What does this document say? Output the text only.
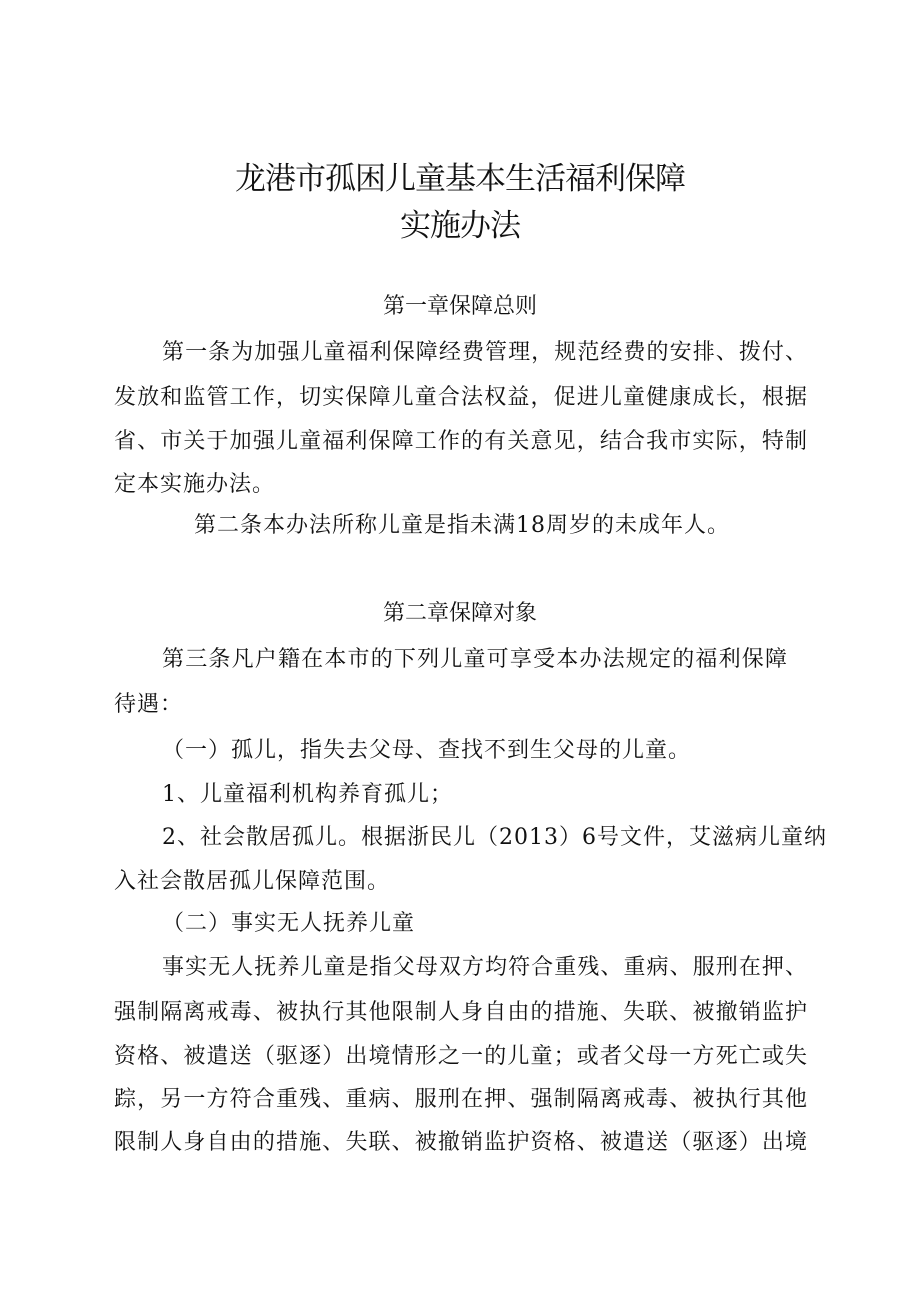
龙港市孤困儿童基本生活福利保障
实施办法
第一章保障总则
第一条为加强儿童福利保障经费管理，规范经费的安排、拨付、
发放和监管工作，切实保障儿童合法权益，促进儿童健康成长，根据
省、市关于加强儿童福利保障工作的有关意见，结合我市实际，特制
定本实施办法。
第二条本办法所称儿童是指未满18周岁的未成年人。
第二章保障对象
第三条凡户籍在本市的下列儿童可享受本办法规定的福利保障
待遇：
（一）孤儿，指失去父母、查找不到生父母的儿童。
1、儿童福利机构养育孤儿；
2、社会散居孤儿。根据浙民儿（2013）6号文件，艾滋病儿童纳
入社会散居孤儿保障范围。
（二）事实无人抚养儿童
事实无人抚养儿童是指父母双方均符合重残、重病、服刑在押、
强制隔离戒毒、被执行其他限制人身自由的措施、失联、被撤销监护
资格、被遣送（驱逐）出境情形之一的儿童；或者父母一方死亡或失
踪，另一方符合重残、重病、服刑在押、强制隔离戒毒、被执行其他
限制人身自由的措施、失联、被撤销监护资格、被遣送（驱逐）出境
